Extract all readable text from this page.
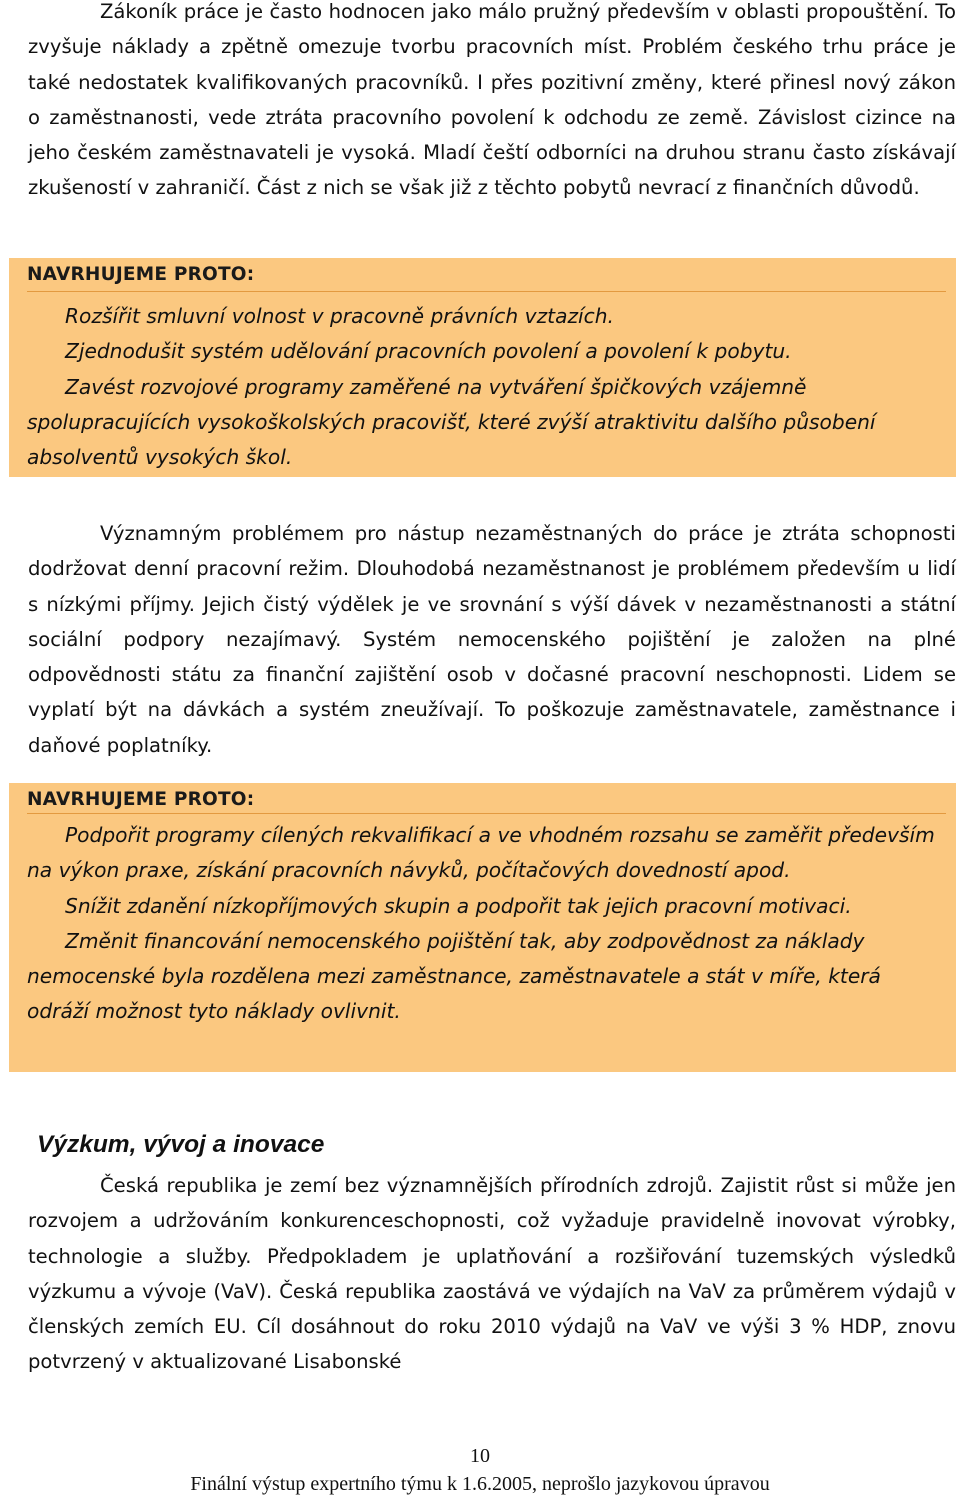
Zákoník práce je často hodnocen jako málo pružný především v oblasti propouštění. To zvyšuje náklady a zpětně omezuje tvorbu pracovních míst. Problém českého trhu práce je také nedostatek kvalifikovaných pracovníků. I přes pozitivní změny, které přinesl nový zákon o zaměstnanosti, vede ztráta pracovního povolení k odchodu ze země. Závislost cizince na jeho českém zaměstnavateli je vysoká. Mladí čeští odborníci na druhou stranu často získávají zkušeností v zahraničí. Část z nich se však již z těchto pobytů nevrací z finančních důvodů.

NAVRHUJEME PROTO:

Rozšířit smluvní volnost v pracovně právních vztazích.

Zjednodušit systém udělování pracovních povolení a povolení k pobytu.

Zavést rozvojové programy zaměřené na vytváření špičkových vzájemně spolupracujících vysokoškolských pracovišť, které zvýší atraktivitu dalšího působení absolventů vysokých škol.

Významným problémem pro nástup nezaměstnaných do práce je ztráta schopnosti dodržovat denní pracovní režim. Dlouhodobá nezaměstnanost je problémem především u lidí s nízkými příjmy. Jejich čistý výdělek je ve srovnání s výší dávek v nezaměstnanosti a státní sociální podpory nezajímavý. Systém nemocenského pojištění je založen na plné odpovědnosti státu za finanční zajištění osob v dočasné pracovní neschopnosti. Lidem se vyplatí být na dávkách a systém zneužívají. To poškozuje zaměstnavatele, zaměstnance i daňové poplatníky.

NAVRHUJEME PROTO:

Podpořit programy cílených rekvalifikací a ve vhodném rozsahu se zaměřit především na výkon praxe, získání pracovních návyků, počítačových dovedností apod.

Snížit zdanění nízkopříjmových skupin a podpořit tak jejich pracovní motivaci.

Změnit financování nemocenského pojištění tak, aby zodpovědnost za náklady nemocenské byla rozdělena mezi zaměstnance, zaměstnavatele a stát v míře, která odráží možnost tyto náklady ovlivnit.

Výzkum, vývoj a inovace

Česká republika je zemí bez významnějších přírodních zdrojů. Zajistit růst si může jen rozvojem a udržováním konkurenceschopnosti, což vyžaduje pravidelně inovovat výrobky, technologie a služby. Předpokladem je uplatňování a rozšiřování tuzemských výsledků výzkumu a vývoje (VaV). Česká republika zaostává ve výdajích na VaV za průměrem výdajů v členských zemích EU. Cíl dosáhnout do roku 2010 výdajů na VaV ve výši 3 % HDP, znovu potvrzený v aktualizované Lisabonské

10
Finální výstup expertního týmu k 1.6.2005, neprošlo jazykovou úpravou
